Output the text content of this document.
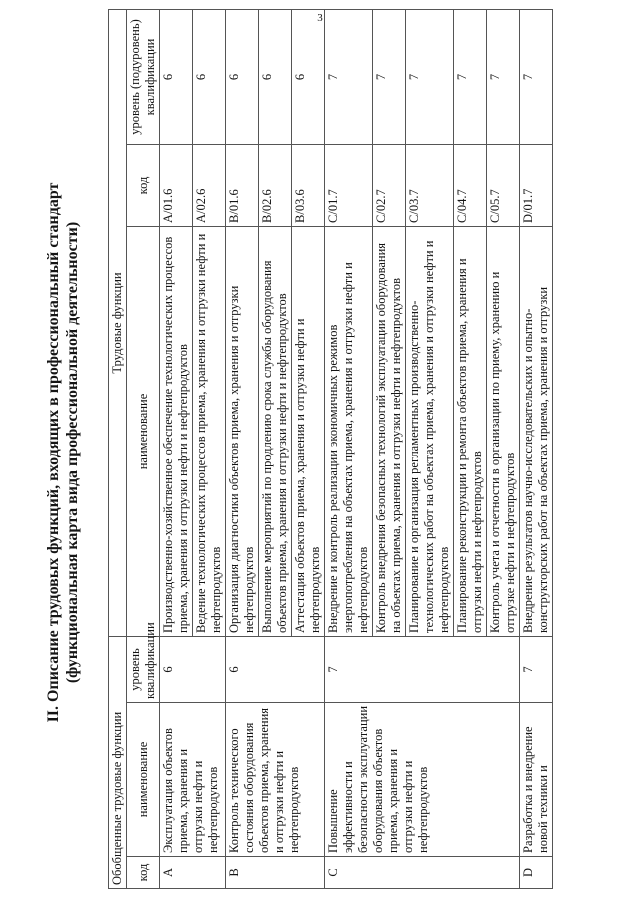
3
II. Описание трудовых функций, входящих в профессиональный стандарт (функциональная карта вида профессиональной деятельности)
Обобщенные трудовые функции			Трудовые функции		
код	наименование	уровень квалификации	наименование	код	уровень (подуровень) квалификации
A	Эксплуатация объектов приема, хранения и отгрузки нефти и нефтепродуктов	6	Производственно-хозяйственное обеспечение технологических процессов приема, хранения и отгрузки нефти и нефтепродуктов	A/01.6	6
			Ведение технологических процессов приема, хранения и отгрузки нефти и нефтепродуктов	A/02.6	6
B	Контроль технического состояния оборудования объектов приема, хранения и отгрузки нефти и нефтепродуктов	6	Организация диагностики объектов приема, хранения и отгрузки нефтепродуктов	B/01.6	6
			Выполнение мероприятий по продлению срока службы оборудования объектов приема, хранения и отгрузки нефти и нефтепродуктов	B/02.6	6
			Аттестация объектов приема, хранения и отгрузки нефти и нефтепродуктов	B/03.6	6
C	Повышение эффективности и безопасности эксплуатации оборудования объектов приема, хранения и отгрузки нефти и нефтепродуктов	7	Внедрение и контроль реализации экономичных режимов энергопотребления на объектах приема, хранения и отгрузки нефти и нефтепродуктов	C/01.7	7
			Контроль внедрения безопасных технологий эксплуатации оборудования на объектах приема, хранения и отгрузки нефти и нефтепродуктов	C/02.7	7
			Планирование и организация регламентных производственно-технологических работ на объектах приема, хранения и отгрузки нефти и нефтепродуктов	C/03.7	7
			Планирование реконструкции и ремонта объектов приема, хранения и отгрузки нефти и нефтепродуктов	C/04.7	7
			Контроль учета и отчетности в организации по приему, хранению и отгрузке нефти и нефтепродуктов	C/05.7	7
D	Разработка и внедрение новой техники и	7	Внедрение результатов научно-исследовательских и опытно-конструкторских работ на объектах приема, хранения и отгрузки	D/01.7	7
